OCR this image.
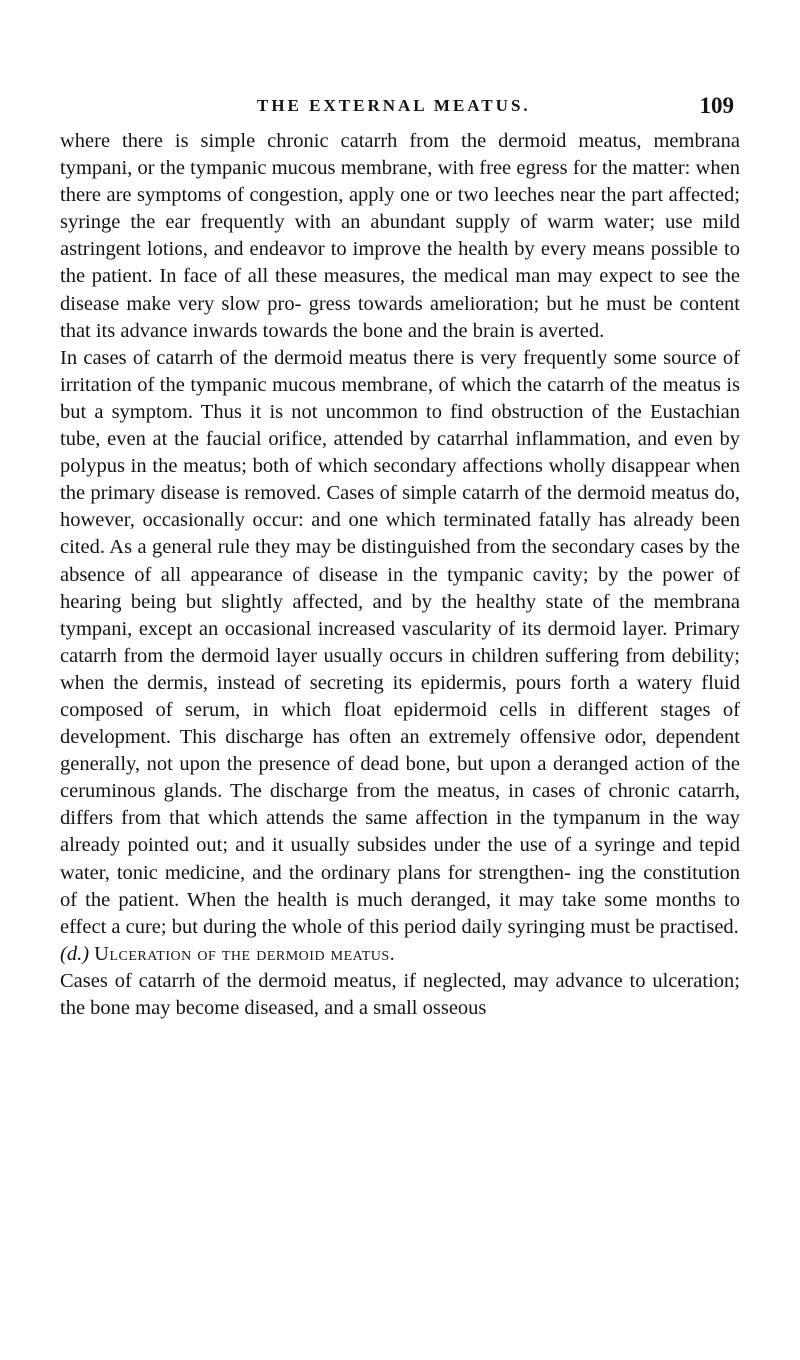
THE EXTERNAL MEATUS.	109

where there is simple chronic catarrh from the dermoid meatus, membrana tympani, or the tympanic mucous membrane, with free egress for the matter: when there are symptoms of congestion, apply one or two leeches near the part affected; syringe the ear frequently with an abundant supply of warm water; use mild astringent lotions, and endeavor to improve the health by every means possible to the patient. In face of all these measures, the medical man may expect to see the disease make very slow pro- gress towards amelioration; but he must be content that its advance inwards towards the bone and the brain is averted.

In cases of catarrh of the dermoid meatus there is very frequently some source of irritation of the tympanic mucous membrane, of which the catarrh of the meatus is but a symptom. Thus it is not uncommon to find obstruction of the Eustachian tube, even at the faucial orifice, attended by catarrhal inflammation, and even by polypus in the meatus; both of which secondary affections wholly disappear when the primary disease is removed. Cases of simple catarrh of the dermoid meatus do, however, occasionally occur: and one which terminated fatally has already been cited. As a general rule they may be distinguished from the secondary cases by the absence of all appearance of disease in the tympanic cavity; by the power of hearing being but slightly affected, and by the healthy state of the membrana tympani, except an occasional increased vascularity of its dermoid layer. Primary catarrh from the dermoid layer usually occurs in children suffering from debility; when the dermis, instead of secreting its epidermis, pours forth a watery fluid composed of serum, in which float epidermoid cells in different stages of development. This discharge has often an extremely offensive odor, dependent generally, not upon the presence of dead bone, but upon a deranged action of the ceruminous glands. The discharge from the meatus, in cases of chronic catarrh, differs from that which attends the same affection in the tympanum in the way already pointed out; and it usually subsides under the use of a syringe and tepid water, tonic medicine, and the ordinary plans for strengthen- ing the constitution of the patient. When the health is much deranged, it may take some months to effect a cure; but during the whole of this period daily syringing must be practised.

(d.) Ulceration of the dermoid meatus.

Cases of catarrh of the dermoid meatus, if neglected, may advance to ulceration; the bone may become diseased, and a small osseous
